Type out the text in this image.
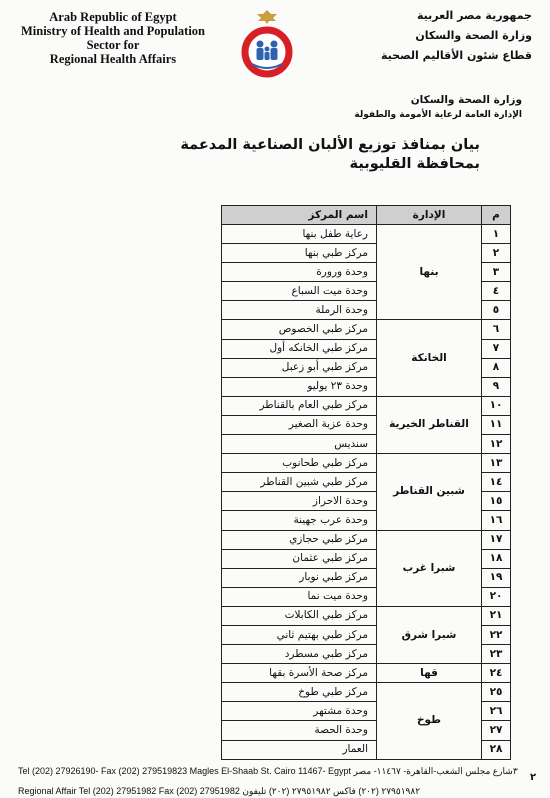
Arab Republic of Egypt
Ministry of Health and Population
Sector for
Regional Health Affairs
جمهورية مصر العربية
وزارة الصحة والسكان
قطاع شئون الأقاليم الصحية
وزارة الصحة والسكان
الإدارة العامة لرعاية الأمومة والطفولة
بيان بمنافذ توزيع الألبان الصناعية المدعمة
بمحافظة القليوبية
م	الإدارة	اسم المركز
١	بنها	رعاية طفل بنها
٢		مركز طبي بنها
٣		وحدة ورورة
٤		وحدة ميت السباع
٥		وحدة الرملة
٦	الخانكة	مركز طبي الخصوص
٧		مركز طبي الخانكه أول
٨		مركز طبي أبو زعبل
٩		وحدة ٢٣ يوليو
١٠	القناطر الخيرية	مركز طبي العام بالقناطر
١١		وحدة عزبة الصغير
١٢		سنديس
١٣	شبين القناطر	مركز طبي طحانوب
١٤		مركز طبي شبين القناطر
١٥		وحدة الاحراز
١٦		وحدة عرب جهينة
١٧	شبرا غرب	مركز طبي حجازي
١٨		مركز طبي عثمان
١٩		مركز طبي نوبار
٢٠		وحدة ميت نما
٢١	شبرا شرق	مركز طبي الكابلات
٢٢		مركز طبي بهتيم ثاني
٢٣		مركز طبي مسطرد
٢٤	قها	مركز صحة الأسرة بقها
٢٥	طوخ	مركز طبي طوخ
٢٦		وحدة مشتهر
٢٧		وحدة الحصة
٢٨		العمار
Tel (202) 27926190- Fax (202) 279519823 Magles El-Shaab St. Cairo 11467- Egypt ٣شارع مجلس الشعب-القاهرة- ١١٤٦٧- مصر
Regional Affair Tel (202) 27951982 Fax (202) 27951982 ٢٧٩٥١٩٨٢ (٢٠٢) فاكس ٢٧٩٥١٩٨٢ (٢٠٢) تليفون
٢
